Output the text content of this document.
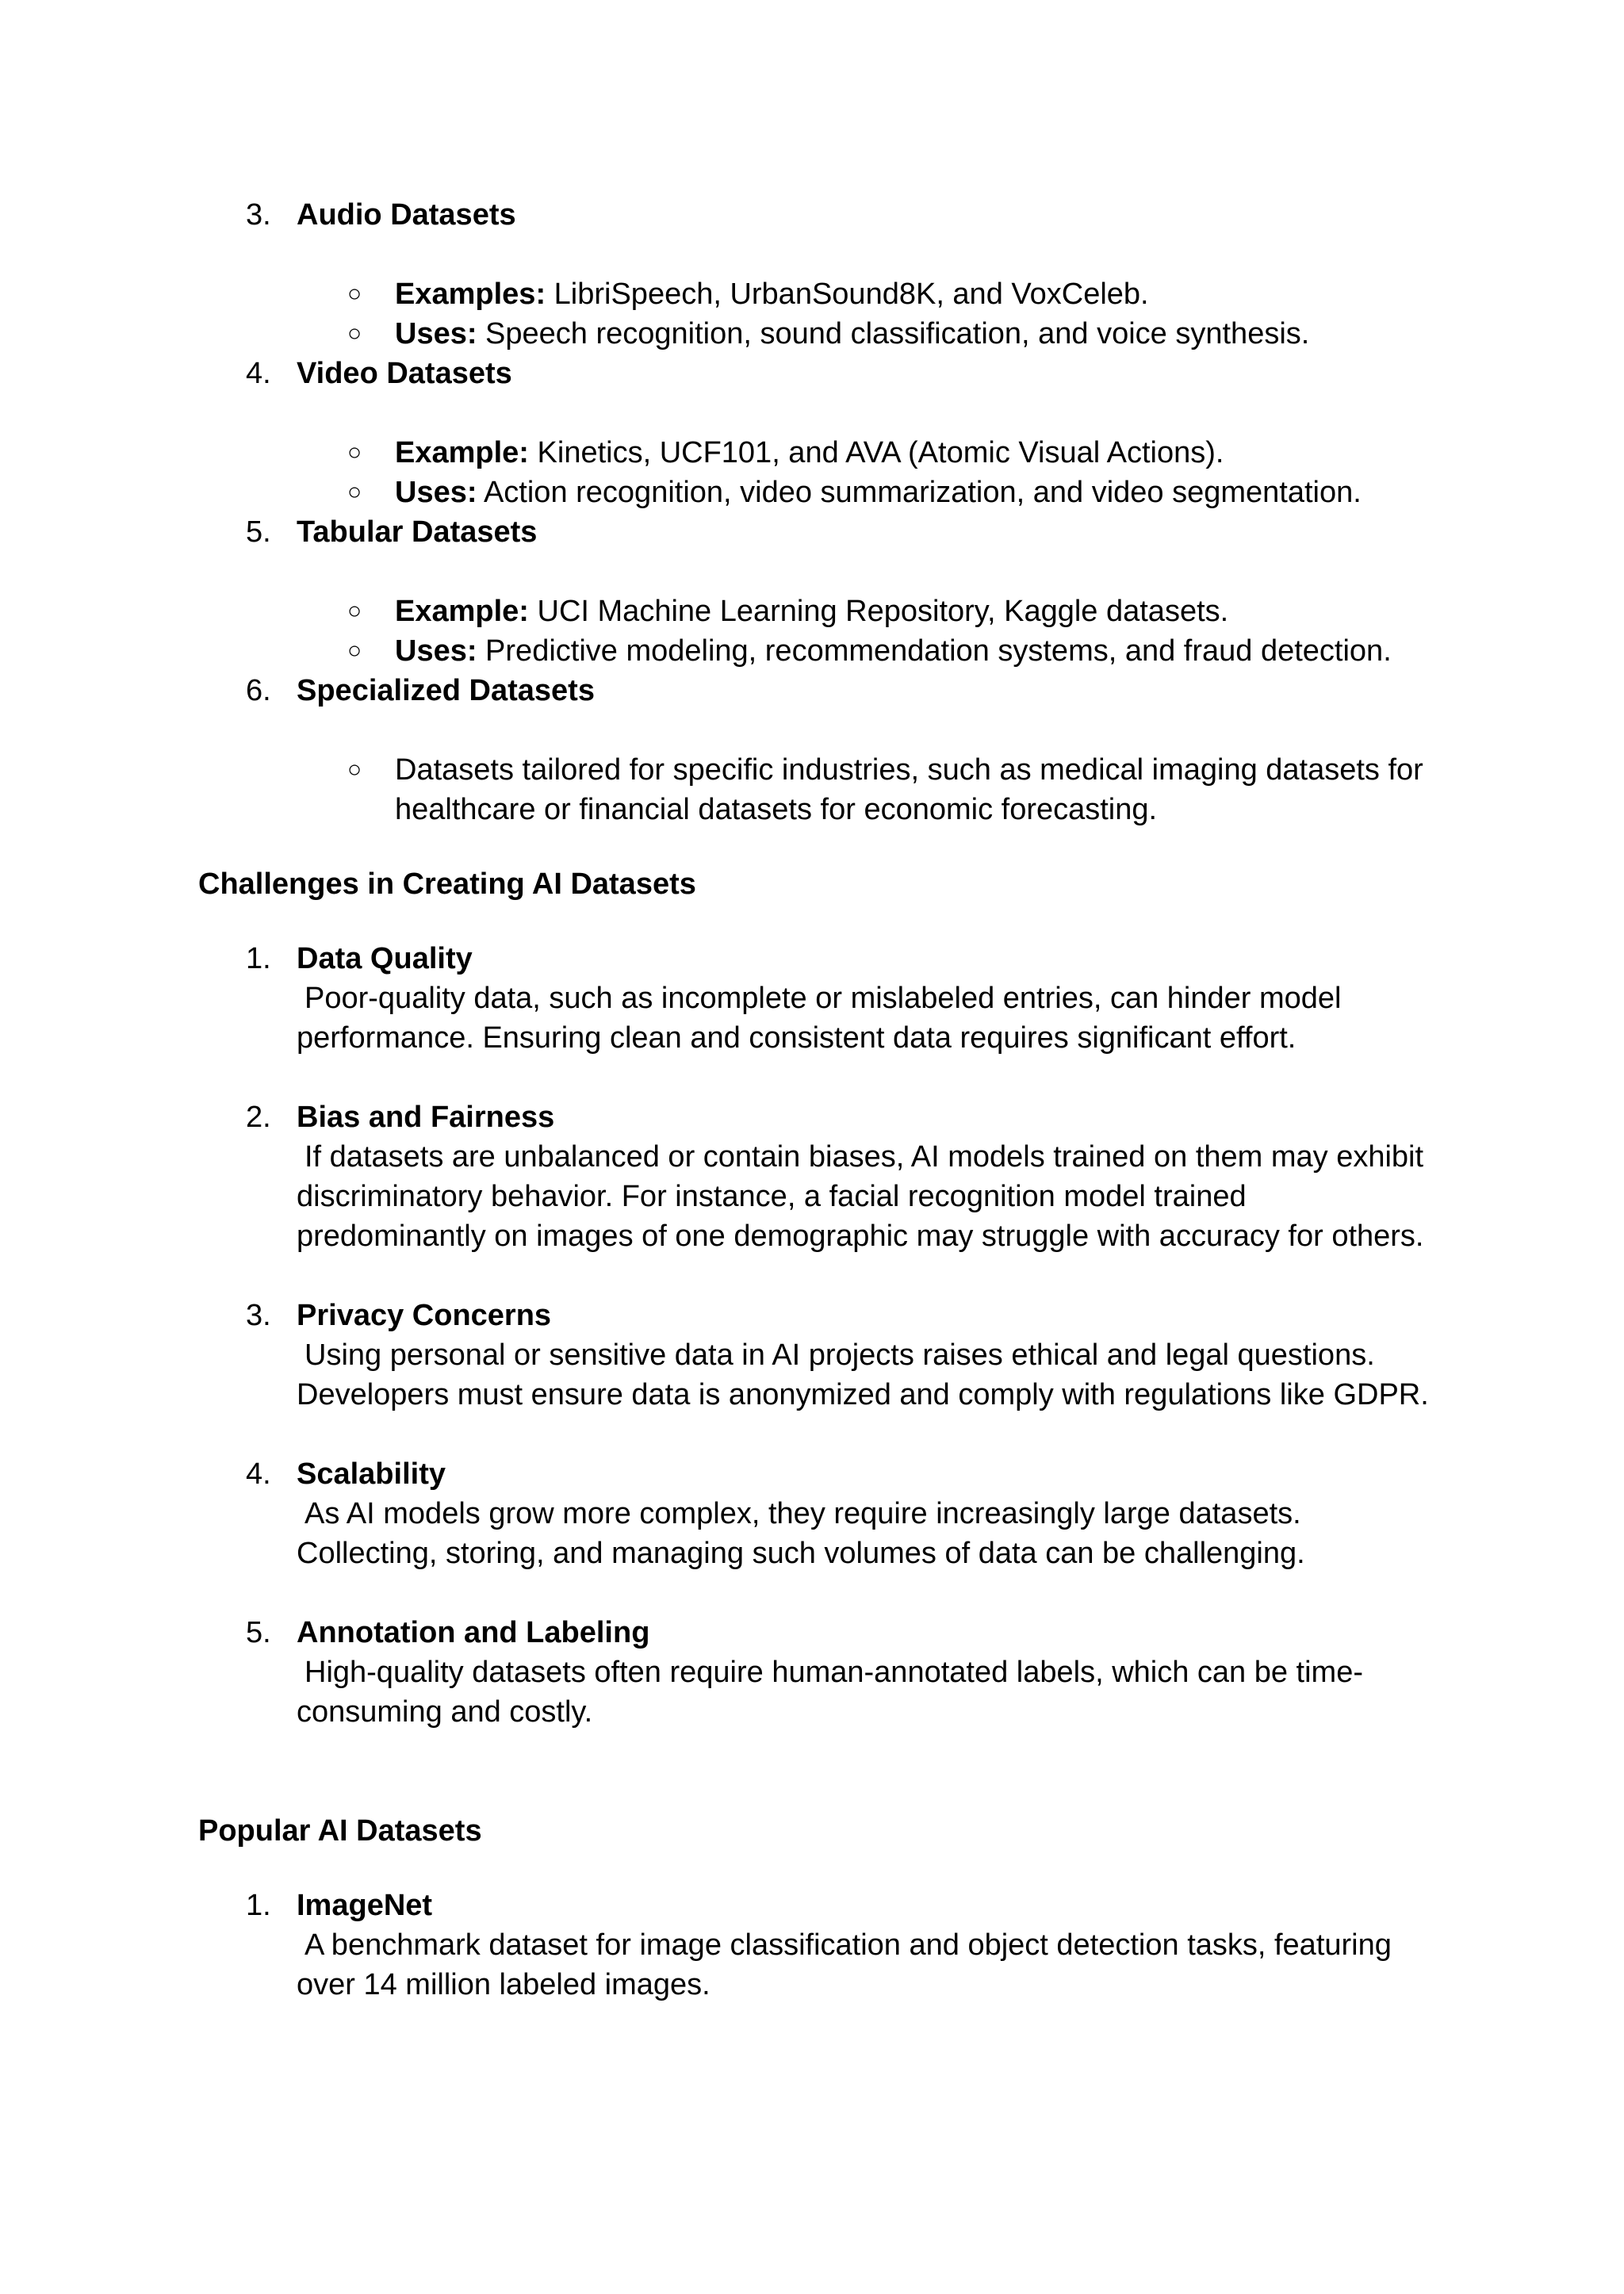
3. Audio Datasets
○ Examples: LibriSpeech, UrbanSound8K, and VoxCeleb.
○ Uses: Speech recognition, sound classification, and voice synthesis.
4. Video Datasets
○ Example: Kinetics, UCF101, and AVA (Atomic Visual Actions).
○ Uses: Action recognition, video summarization, and video segmentation.
5. Tabular Datasets
○ Example: UCI Machine Learning Repository, Kaggle datasets.
○ Uses: Predictive modeling, recommendation systems, and fraud detection.
6. Specialized Datasets
○ Datasets tailored for specific industries, such as medical imaging datasets for healthcare or financial datasets for economic forecasting.
Challenges in Creating AI Datasets
1. Data Quality
Poor-quality data, such as incomplete or mislabeled entries, can hinder model performance. Ensuring clean and consistent data requires significant effort.
2. Bias and Fairness
If datasets are unbalanced or contain biases, AI models trained on them may exhibit discriminatory behavior. For instance, a facial recognition model trained predominantly on images of one demographic may struggle with accuracy for others.
3. Privacy Concerns
Using personal or sensitive data in AI projects raises ethical and legal questions. Developers must ensure data is anonymized and comply with regulations like GDPR.
4. Scalability
As AI models grow more complex, they require increasingly large datasets. Collecting, storing, and managing such volumes of data can be challenging.
5. Annotation and Labeling
High-quality datasets often require human-annotated labels, which can be time-consuming and costly.
Popular AI Datasets
1. ImageNet
A benchmark dataset for image classification and object detection tasks, featuring over 14 million labeled images.
